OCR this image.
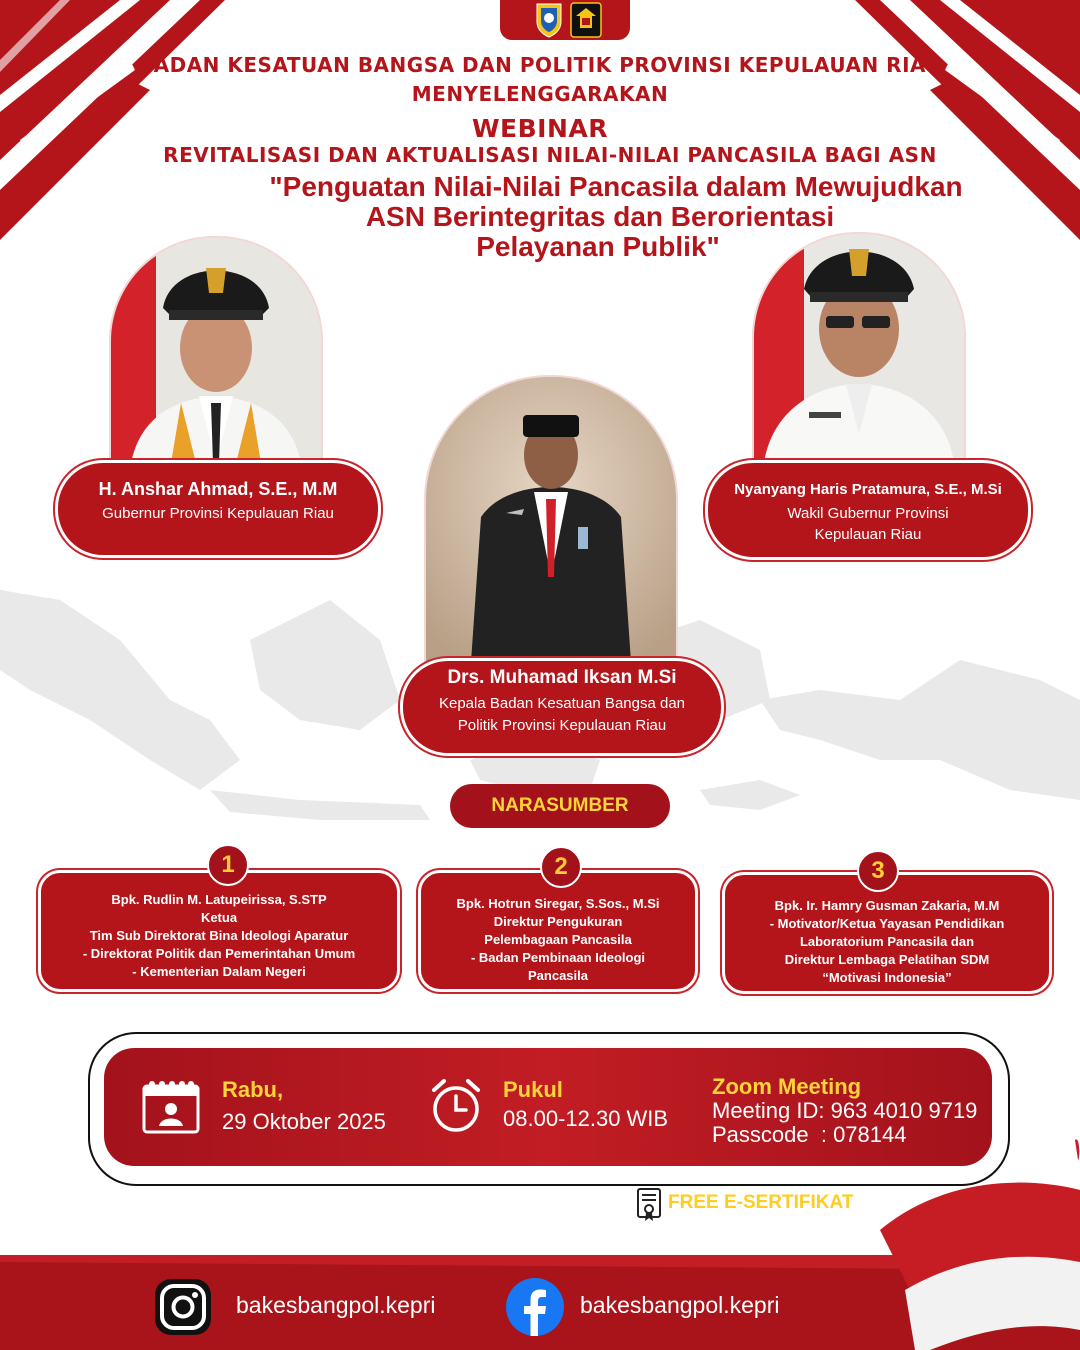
BADAN KESATUAN BANGSA DAN POLITIK PROVINSI KEPULAUAN RIAU
MENYELENGGARAKAN
WEBINAR
REVITALISASI DAN AKTUALISASI NILAI-NILAI PANCASILA BAGI ASN
"Penguatan Nilai-Nilai Pancasila dalam Mewujudkan
ASN Berintegritas dan Berorientasi
Pelayanan Publik"
H. Anshar Ahmad, S.E., M.M
Gubernur Provinsi Kepulauan Riau
Nyanyang Haris Pratamura, S.E., M.Si
Wakil Gubernur Provinsi
Kepulauan Riau
Drs. Muhamad Iksan M.Si
Kepala Badan Kesatuan Bangsa dan
Politik Provinsi Kepulauan Riau
NARASUMBER
Bpk. Rudlin M. Latupeirissa, S.STP
Ketua
Tim Sub Direktorat Bina Ideologi Aparatur
- Direktorat Politik dan Pemerintahan Umum
- Kementerian Dalam Negeri
1
Bpk. Hotrun Siregar, S.Sos., M.Si
Direktur Pengukuran
Pelembagaan Pancasila
- Badan Pembinaan Ideologi
Pancasila
2
Bpk. Ir. Hamry Gusman Zakaria, M.M
- Motivator/Ketua Yayasan Pendidikan
Laboratorium Pancasila dan
Direktur Lembaga Pelatihan SDM
“Motivasi Indonesia”
3
Rabu,
29 Oktober 2025
Pukul
08.00-12.30 WIB
Zoom Meeting
Meeting ID: 963 4010 9719
Passcode  : 078144
FREE E-SERTIFIKAT
bakesbangpol.kepri	bakesbangpol.kepri
